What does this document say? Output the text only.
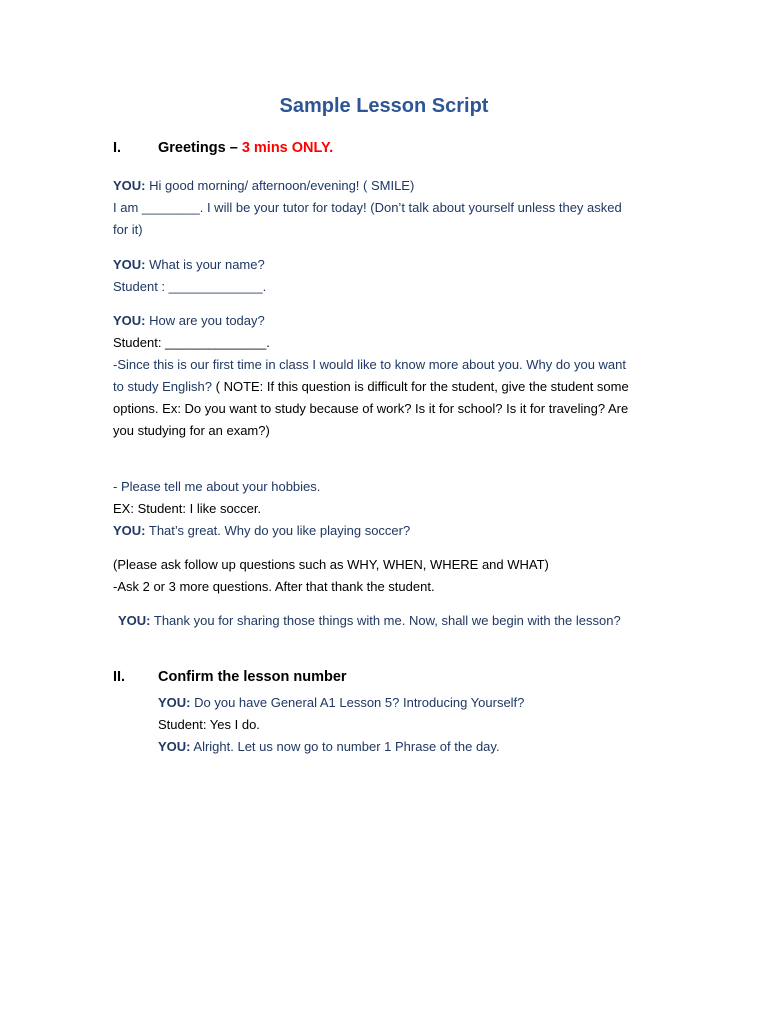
Sample Lesson Script
I.	Greetings – 3 mins ONLY.
YOU: Hi good morning/ afternoon/evening! ( SMILE)
I am ________. I will be your tutor for today! (Don’t talk about yourself unless they asked
for it)
YOU: What is your name?
Student : _____________.
YOU: How are you today?
Student: ______________.
-Since this is our first time in class I would like to know more about you. Why do you want
to study English? ( NOTE: If this question is difficult for the student, give the student some
options. Ex: Do you want to study because of work? Is it for school? Is it for traveling? Are
you studying for an exam?)
- Please tell me about your hobbies.
EX: Student: I like soccer.
YOU: That’s great. Why do you like playing soccer?
(Please ask follow up questions such as WHY, WHEN, WHERE and WHAT)
-Ask 2 or 3 more questions. After that thank the student.
YOU: Thank you for sharing those things with me. Now, shall we begin with the lesson?
II. Confirm the lesson number
YOU: Do you have General A1 Lesson 5? Introducing Yourself?
Student: Yes I do.
YOU: Alright. Let us now go to number 1 Phrase of the day.
